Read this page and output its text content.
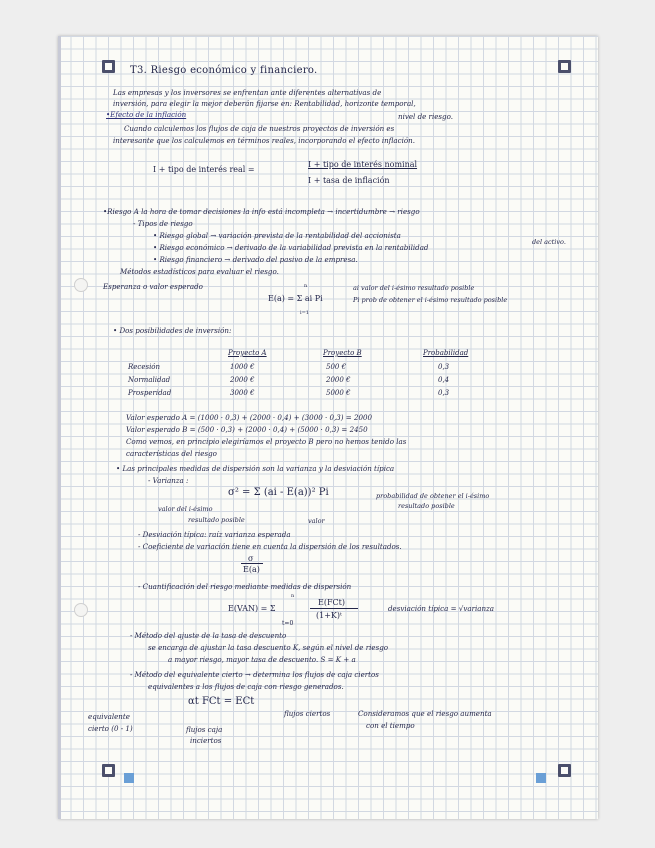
T3. Riesgo económico y financiero.
Las empresas y los inversores se enfrentan ante diferentes alternativas de
inversión, para elegir la mejor deberán fijarse en: Rentabilidad, horizonte temporal,
•Efecto de la inflación	nivel de riesgo.
Cuando calculemos los flujos de caja de nuestros proyectos de inversión es
interesante que los calculemos en términos reales, incorporando el efecto inflación.
I + tipo de interés real =
I + tipo de interés nominal
I + tasa de inflación
•Riesgo A la hora de tomar decisiones la info está incompleta → incertidumbre → riesgo
- Tipos de riesgo
• Riesgo global → variación prevista de la rentabilidad del accionista
• Riesgo económico → derivado de la variabilidad prevista en la rentabilidad
del activo.
• Riesgo financiero → derivado del pasivo de la empresa.
Métodos estadísticos para evaluar el riesgo.
Esperanza o valor esperado
E(a) = Σ ai Pi
n
i=1
ai valor del i-ésimo resultado posible
Pi prob de obtener el i-ésimo resultado posible
• Dos posibilidades de inversión:
Proyecto A	Proyecto B	Probabilidad
Recesión	1000 €	500 €	0,3
Normalidad	2000 €	2000 €	0,4
Prosperidad	3000 €	5000 €	0,3
Valor esperado A = (1000 · 0,3) + (2000 · 0,4) + (3000 · 0,3) = 2000
Valor esperado B = (500 · 0,3) + (2000 · 0,4) + (5000 · 0,3) = 2450
Como vemos, en principio elegiríamos el proyecto B pero no hemos tenido las
características del riesgo
• Las principales medidas de dispersión son la varianza y la desviación típica
- Varianza :
σ² = Σ (ai - E(a))² Pi	probabilidad de obtener el i-ésimo
resultado posible
valor del i-ésimo
resultado posible	valor
- Desviación típica: raíz varianza esperada
- Coeficiente de variación tiene en cuenta la dispersión de los resultados.
σ
E(a)
- Cuantificación del riesgo mediante medidas de dispersión
E(VAN) = Σ
n
t=0
E(FCt)
(1+K)ᵗ
desviación típica = √varianza
- Método del ajuste de la tasa de descuento
se encarga de ajustar la tasa descuento K, según el nivel de riesgo
a mayor riesgo, mayor tasa de descuento. S = K + a
- Método del equivalente cierto → determina los flujos de caja ciertos
equivalentes a los flujos de caja con riesgo generados.
αt FCt = ECt
flujos ciertos	Consideramos que el riesgo aumenta
con el tiempo
equivalente
cierto (0 - 1)	flujos caja
inciertos
